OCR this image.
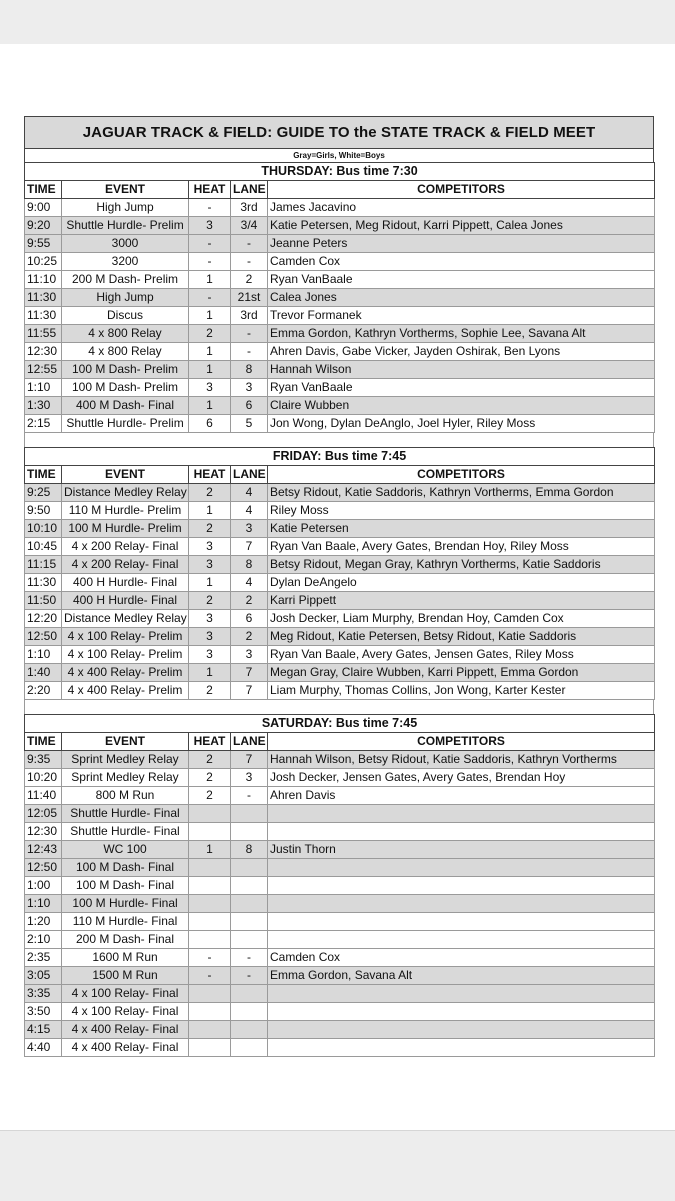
JAGUAR TRACK & FIELD: GUIDE TO the STATE TRACK & FIELD MEET
Gray=Girls, White=Boys
THURSDAY: Bus time 7:30				
TIME	EVENT	HEAT	LANE	COMPETITORS
9:00	High Jump	-	3rd	James Jacavino
9:20	Shuttle Hurdle- Prelim	3	3/4	Katie Petersen, Meg Ridout, Karri Pippett, Calea Jones
9:55	3000	-	-	Jeanne Peters
10:25	3200	-	-	Camden Cox
11:10	200 M Dash- Prelim	1	2	Ryan VanBaale
11:30	High Jump	-	21st	Calea Jones
11:30	Discus	1	3rd	Trevor Formanek
11:55	4 x 800 Relay	2	-	Emma Gordon, Kathryn Vortherms, Sophie Lee, Savana Alt
12:30	4 x 800 Relay	1	-	Ahren Davis, Gabe Vicker, Jayden Oshirak, Ben Lyons
12:55	100 M Dash- Prelim	1	8	Hannah Wilson
1:10	100 M Dash- Prelim	3	3	Ryan VanBaale
1:30	400 M Dash- Final	1	6	Claire Wubben
2:15	Shuttle Hurdle- Prelim	6	5	Jon Wong, Dylan DeAnglo, Joel Hyler, Riley Moss
FRIDAY: Bus time 7:45				
TIME	EVENT	HEAT	LANE	COMPETITORS
9:25	Distance Medley Relay	2	4	Betsy Ridout, Katie Saddoris, Kathryn Vortherms, Emma Gordon
9:50	110 M Hurdle- Prelim	1	4	Riley Moss
10:10	100 M Hurdle- Prelim	2	3	Katie Petersen
10:45	4 x 200 Relay- Final	3	7	Ryan Van Baale, Avery Gates, Brendan Hoy, Riley Moss
11:15	4 x 200 Relay- Final	3	8	Betsy Ridout, Megan Gray, Kathryn Vortherms, Katie Saddoris
11:30	400 H Hurdle- Final	1	4	Dylan DeAngelo
11:50	400 H Hurdle- Final	2	2	Karri Pippett
12:20	Distance Medley Relay	3	6	Josh Decker, Liam Murphy, Brendan Hoy, Camden Cox
12:50	4 x 100 Relay- Prelim	3	2	Meg Ridout, Katie Petersen, Betsy Ridout, Katie Saddoris
1:10	4 x 100 Relay- Prelim	3	3	Ryan Van Baale, Avery Gates, Jensen Gates, Riley Moss
1:40	4 x 400 Relay- Prelim	1	7	Megan Gray, Claire Wubben, Karri Pippett, Emma Gordon
2:20	4 x 400 Relay- Prelim	2	7	Liam Murphy, Thomas Collins, Jon Wong, Karter Kester
SATURDAY: Bus time 7:45				
TIME	EVENT	HEAT	LANE	COMPETITORS
9:35	Sprint Medley Relay	2	7	Hannah Wilson, Betsy Ridout, Katie Saddoris, Kathryn Vortherms
10:20	Sprint Medley Relay	2	3	Josh Decker, Jensen Gates, Avery Gates, Brendan Hoy
11:40	800 M Run	2	-	Ahren Davis
12:05	Shuttle Hurdle- Final			
12:30	Shuttle Hurdle- Final			
12:43	WC 100	1	8	Justin Thorn
12:50	100 M Dash- Final			
1:00	100 M Dash- Final			
1:10	100 M Hurdle- Final			
1:20	110 M Hurdle- Final			
2:10	200 M Dash- Final			
2:35	1600 M Run	-	-	Camden Cox
3:05	1500 M Run	-	-	Emma Gordon, Savana Alt
3:35	4 x 100 Relay- Final			
3:50	4 x 100 Relay- Final			
4:15	4 x 400 Relay- Final			
4:40	4 x 400 Relay- Final			
